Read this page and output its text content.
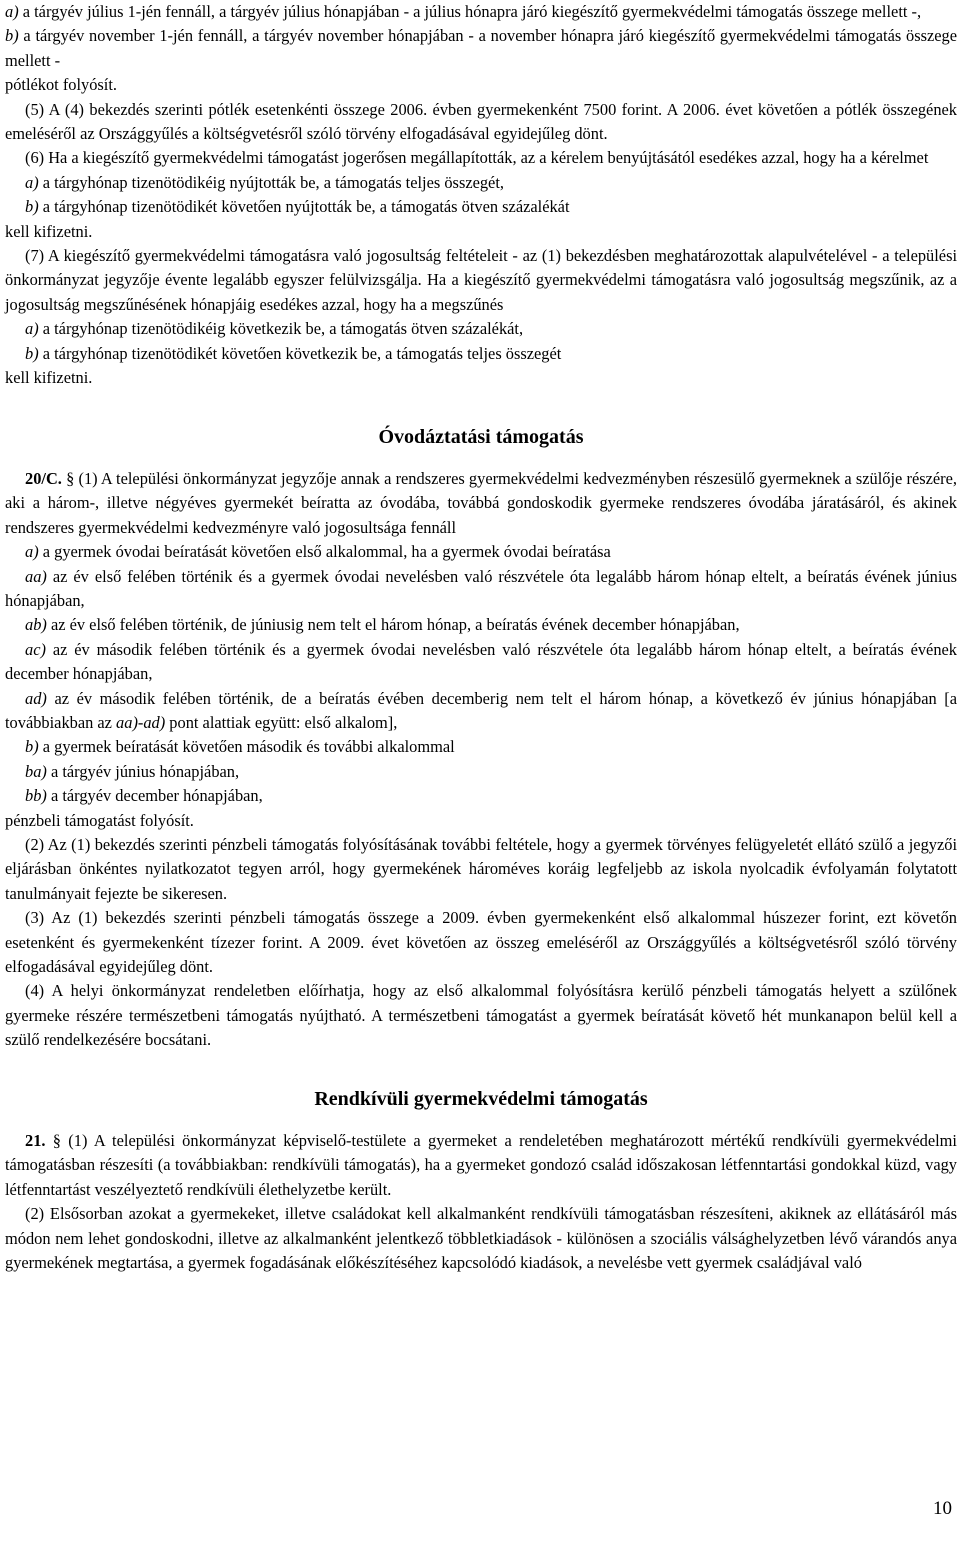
a) a tárgyév július 1-jén fennáll, a tárgyév július hónapjában - a július hónapra járó kiegészítő gyermekvédelmi támogatás összege mellett -,

b) a tárgyév november 1-jén fennáll, a tárgyév november hónapjában - a november hónapra járó kiegészítő gyermekvédelmi támogatás összege mellett -

pótlékot folyósít.

(5) A (4) bekezdés szerinti pótlék esetenkénti összege 2006. évben gyermekenként 7500 forint. A 2006. évet követően a pótlék összegének emeléséről az Országgyűlés a költségvetésről szóló törvény elfogadásával egyidejűleg dönt.

(6) Ha a kiegészítő gyermekvédelmi támogatást jogerősen megállapították, az a kérelem benyújtásától esedékes azzal, hogy ha a kérelmet

a) a tárgyhónap tizenötödikéig nyújtották be, a támogatás teljes összegét,

b) a tárgyhónap tizenötödikét követően nyújtották be, a támogatás ötven százalékát

kell kifizetni.

(7) A kiegészítő gyermekvédelmi támogatásra való jogosultság feltételeit - az (1) bekezdésben meghatározottak alapulvételével - a települési önkormányzat jegyzője évente legalább egyszer felülvizsgálja. Ha a kiegészítő gyermekvédelmi támogatásra való jogosultság megszűnik, az a jogosultság megszűnésének hónapjáig esedékes azzal, hogy ha a megszűnés

a) a tárgyhónap tizenötödikéig következik be, a támogatás ötven százalékát,

b) a tárgyhónap tizenötödikét követően következik be, a támogatás teljes összegét

kell kifizetni.

Óvodáztatási támogatás

20/C. § (1) A települési önkormányzat jegyzője annak a rendszeres gyermekvédelmi kedvezményben részesülő gyermeknek a szülője részére, aki a három-, illetve négyéves gyermekét beíratta az óvodába, továbbá gondoskodik gyermeke rendszeres óvodába járatásáról, és akinek rendszeres gyermekvédelmi kedvezményre való jogosultsága fennáll

a) a gyermek óvodai beíratását követően első alkalommal, ha a gyermek óvodai beíratása

aa) az év első felében történik és a gyermek óvodai nevelésben való részvétele óta legalább három hónap eltelt, a beíratás évének június hónapjában,

ab) az év első felében történik, de júniusig nem telt el három hónap, a beíratás évének december hónapjában,

ac) az év második felében történik és a gyermek óvodai nevelésben való részvétele óta legalább három hónap eltelt, a beíratás évének december hónapjában,

ad) az év második felében történik, de a beíratás évében decemberig nem telt el három hónap, a következő év június hónapjában [a továbbiakban az aa)-ad) pont alattiak együtt: első alkalom],

b) a gyermek beíratását követően második és további alkalommal

ba) a tárgyév június hónapjában,

bb) a tárgyév december hónapjában,

pénzbeli támogatást folyósít.

(2) Az (1) bekezdés szerinti pénzbeli támogatás folyósításának további feltétele, hogy a gyermek törvényes felügyeletét ellátó szülő a jegyzői eljárásban önkéntes nyilatkozatot tegyen arról, hogy gyermekének hároméves koráig legfeljebb az iskola nyolcadik évfolyamán folytatott tanulmányait fejezte be sikeresen.

(3) Az (1) bekezdés szerinti pénzbeli támogatás összege a 2009. évben gyermekenként első alkalommal húszezer forint, ezt követőn esetenként és gyermekenként tízezer forint. A 2009. évet követően az összeg emeléséről az Országgyűlés a költségvetésről szóló törvény elfogadásával egyidejűleg dönt.

(4) A helyi önkormányzat rendeletben előírhatja, hogy az első alkalommal folyósításra kerülő pénzbeli támogatás helyett a szülőnek gyermeke részére természetbeni támogatás nyújtható. A természetbeni támogatást a gyermek beíratását követő hét munkanapon belül kell a szülő rendelkezésére bocsátani.

Rendkívüli gyermekvédelmi támogatás

21. § (1) A települési önkormányzat képviselő-testülete a gyermeket a rendeletében meghatározott mértékű rendkívüli gyermekvédelmi támogatásban részesíti (a továbbiakban: rendkívüli támogatás), ha a gyermeket gondozó család időszakosan létfenntartási gondokkal küzd, vagy létfenntartást veszélyeztető rendkívüli élethelyzetbe került.

(2) Elsősorban azokat a gyermekeket, illetve családokat kell alkalmanként rendkívüli támogatásban részesíteni, akiknek az ellátásáról más módon nem lehet gondoskodni, illetve az alkalmanként jelentkező többletkiadások - különösen a szociális válsághelyzetben lévő várandós anya gyermekének megtartása, a gyermek fogadásának előkészítéséhez kapcsolódó kiadások, a nevelésbe vett gyermek családjával való

10
